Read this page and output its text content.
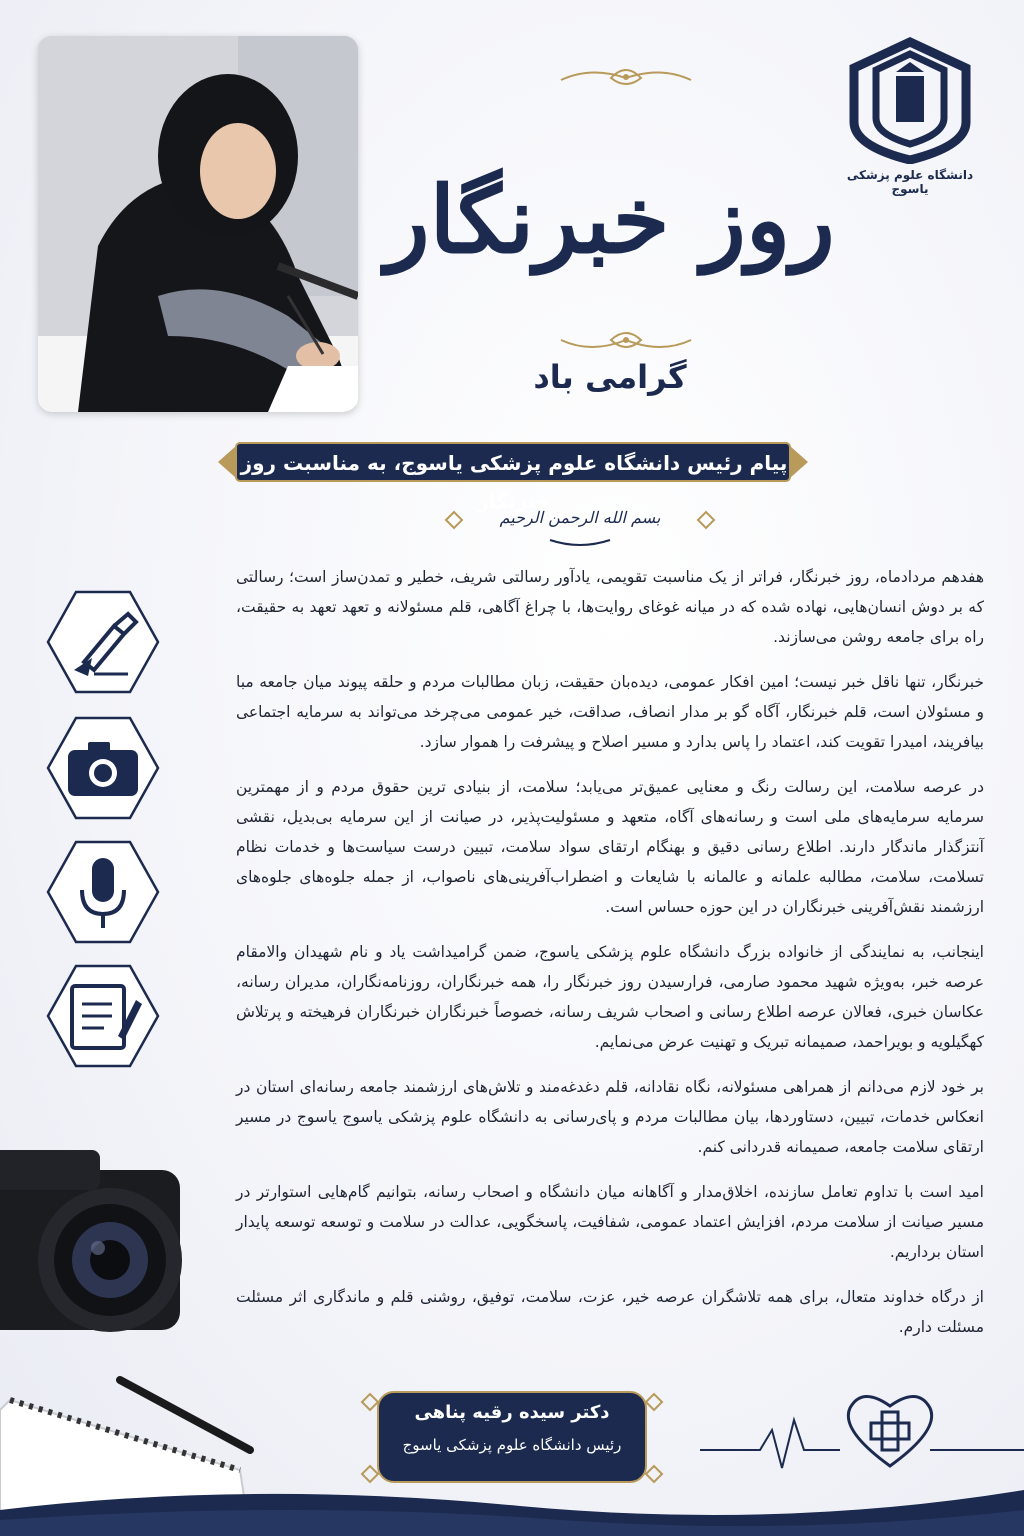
دانشگاه علوم پزشکی یاسوج
روز خبرنگار
گرامی باد
پیام رئیس دانشگاه علوم پزشکی یاسوج، به مناسبت روز خبرنگار
بسم الله الرحمن الرحیم

هفدهم مردادماه، روز خبرنگار، فراتر از یک مناسبت تقویمی، یادآور رسالتی شریف، خطیر و تمدن‌ساز است؛ رسالتی که بر دوش انسان‌هایی، نهاده شده که در میانه غوغای روایت‌ها، با چراغ آگاهی، قلم مسئولانه و تعهد تعهد به حقیقت، راه برای جامعه روشن می‌سازند.

خبرنگار، تنها ناقل خبر نیست؛ امین افکار عمومی، دیده‌بان حقیقت، زبان مطالبات مردم و حلقه پیوند میان جامعه مبا و مسئولان است، قلم خبرنگار، آگاه گو بر مدار انصاف، صداقت، خیر عمومی می‌چرخد می‌تواند به سرمایه اجتماعی بیافریند، امیدرا تقویت کند، اعتماد را پاس بدارد و مسیر اصلاح و پیشرفت را هموار سازد.

در عرصه سلامت، این رسالت رنگ و معنایی عمیق‌تر می‌یابد؛ سلامت، از بنیادی ترین حقوق مردم و از مهمترین سرمایه سرمایه‌های ملی است و رسانه‌های آگاه، متعهد و مسئولیت‌پذیر، در صیانت از این سرمایه بی‌بدیل، نقشی آنتزگذار ماندگار دارند. اطلاع رسانی دقیق و بهنگام ارتقای سواد سلامت، تبیین درست سیاست‌ها و خدمات نظام تسلامت، سلامت، مطالبه علمانه و عالمانه با شایعات و اضطراب‌آفرینی‌های ناصواب، از جمله جلوه‌های جلوه‌های ارزشمند نقش‌آفرینی خبرنگاران در این حوزه حساس است.

اینجانب، به نمایندگی از خانواده بزرگ دانشگاه علوم پزشکی یاسوج، ضمن گرامیداشت یاد و نام شهیدان والامقام عرصه خبر، به‌ویژه شهید محمود صارمی، فرارسیدن روز خبرنگار را، همه خبرنگاران، روزنامه‌نگاران، مدیران رسانه، عکاسان خبری، فعالان عرصه اطلاع رسانی و اصحاب شریف رسانه، خصوصاً خبرنگاران خبرنگاران فرهیخته و پرتلاش کهگیلویه و بویراحمد، صمیمانه تبریک و تهنیت عرض می‌نمایم.

بر خود لازم می‌دانم از همراهی مسئولانه، نگاه نقادانه، قلم دغدغه‌مند و تلاش‌های ارزشمند جامعه رسانه‌ای استان در انعکاس خدمات، تبیین، دستاوردها، بیان مطالبات مردم و پای‌رسانی به دانشگاه علوم پزشکی یاسوج یاسوج در مسیر ارتقای سلامت جامعه، صمیمانه قدردانی کنم.

امید است با تداوم تعامل سازنده، اخلاق‌مدار و آگاهانه میان دانشگاه و اصحاب رسانه، بتوانیم گام‌هایی استوارتر در مسیر صیانت از سلامت مردم، افزایش اعتماد عمومی، شفافیت، پاسخگویی، عدالت در سلامت و توسعه توسعه پایدار استان برداریم.

از درگاه خداوند متعال، برای همه تلاشگران عرصه خیر، عزت، سلامت، توفیق، روشنی قلم و ماندگاری اثر مسئلت مسئلت دارم.

دکتر سیده رقیه پناهی
رئیس دانشگاه علوم پزشکی یاسوج
